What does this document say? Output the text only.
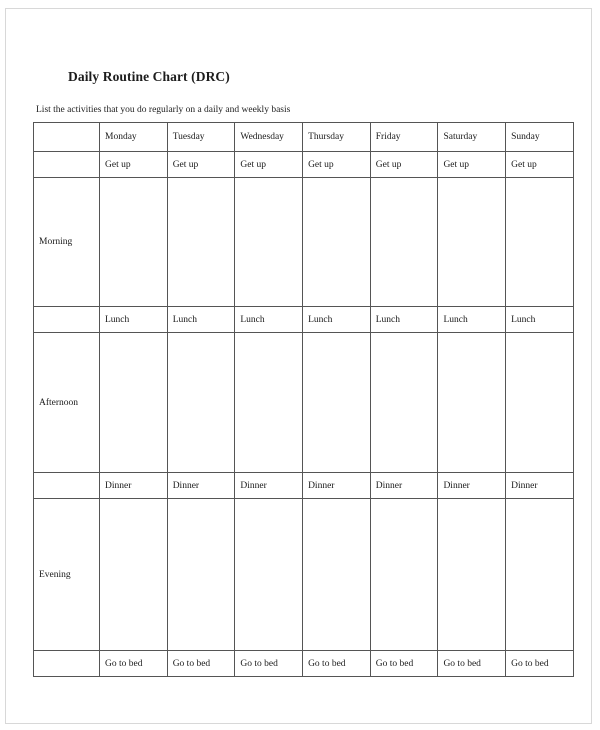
Daily Routine Chart (DRC)
List the activities that you do regularly on a daily and weekly basis
	Monday	Tuesday	Wednesday	Thursday	Friday	Saturday	Sunday
	Get up	Get up	Get up	Get up	Get up	Get up	Get up
Morning							
	Lunch	Lunch	Lunch	Lunch	Lunch	Lunch	Lunch
Afternoon							
	Dinner	Dinner	Dinner	Dinner	Dinner	Dinner	Dinner
Evening							
	Go to bed	Go to bed	Go to bed	Go to bed	Go to bed	Go to bed	Go to bed
